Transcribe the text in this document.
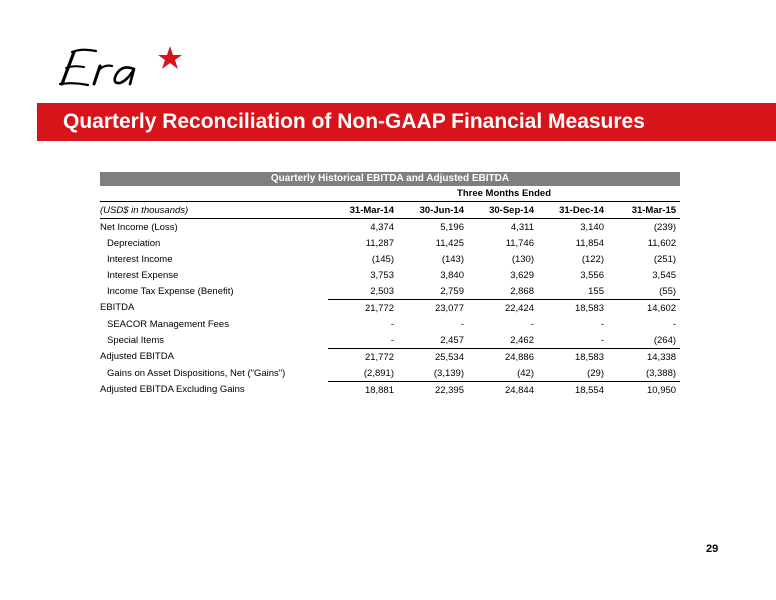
Quarterly Reconciliation of Non-GAAP Financial Measures
Quarterly Historical EBITDA and Adjusted EBITDA
	Three Months Ended				
(USD$ in thousands)	31-Mar-14	30-Jun-14	30-Sep-14	31-Dec-14	31-Mar-15
Net Income (Loss)	4,374	5,196	4,311	3,140	(239)
Depreciation	11,287	11,425	11,746	11,854	11,602
Interest Income	(145)	(143)	(130)	(122)	(251)
Interest Expense	3,753	3,840	3,629	3,556	3,545
Income Tax Expense (Benefit)	2,503	2,759	2,868	155	(55)
EBITDA	21,772	23,077	22,424	18,583	14,602
SEACOR Management Fees	-	-	-	-	-
Special Items	-	2,457	2,462	-	(264)
Adjusted EBITDA	21,772	25,534	24,886	18,583	14,338
Gains on Asset Dispositions, Net ("Gains")	(2,891)	(3,139)	(42)	(29)	(3,388)
Adjusted EBITDA Excluding Gains	18,881	22,395	24,844	18,554	10,950
29
